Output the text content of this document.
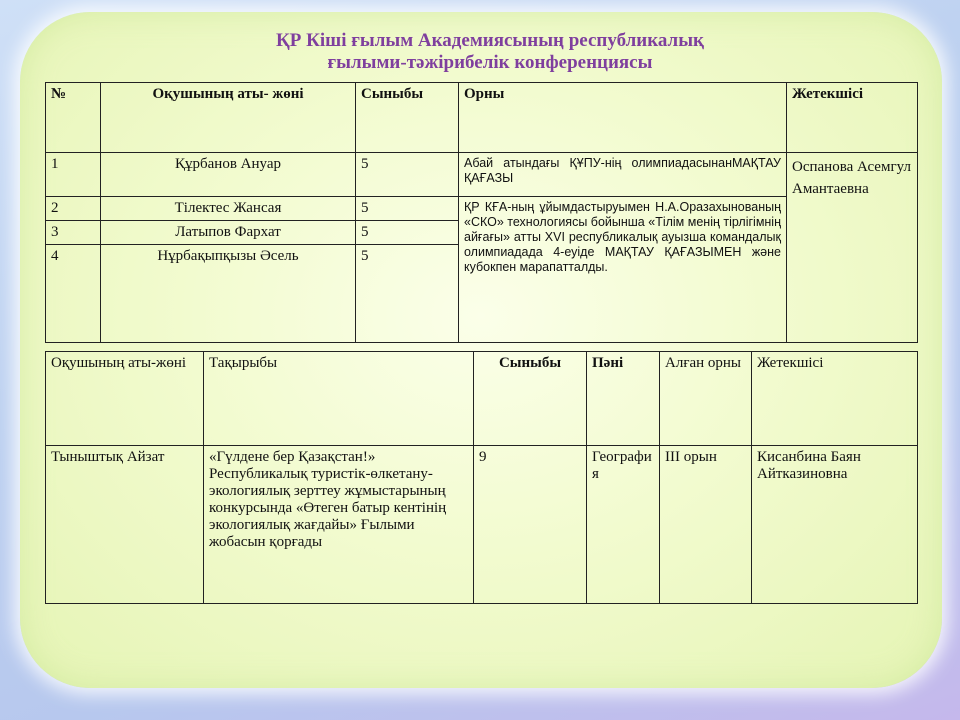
ҚР Кіші ғылым Академиясының республикалық
ғылыми-тәжірибелік конференциясы
№	Оқушының аты- жөні	Сыныбы	Орны	Жетекшісі
1	Құрбанов Ануар	5	Абай атындағы ҚҰПУ-нің олимпиадасынанМАҚТАУ ҚАҒАЗЫ	Оспанова Асемгул Амантаевна
2	Тілектес Жансая	5	ҚР КҒА-ның ұйымдастыруымен Н.А.Оразахынованың «СКО» технологиясы бойынша «Тілім менің тірлігімнің айғағы» атты XVI республикалық ауызша командалық олимпиадада 4-еуіде МАҚТАУ ҚАҒАЗЫМЕН және кубокпен марапатталды.	
3	Латыпов Фархат	5		
4	Нұрбақыпқызы Әсель	5		
Оқушының аты-жөні	Тақырыбы	Сыныбы	Пәні	Алған орны	Жетекшісі
Тыныштық Айзат	«Гүлдене бер Қазақстан!» Республикалық туристік-өлкетану-экологиялық зерттеу жұмыстарының конкурсында «Өтеген батыр кентінің экологиялық жағдайы» Ғылыми жобасын қорғады	9	География	ІІІ орын	Кисанбина Баян Айтказиновна
